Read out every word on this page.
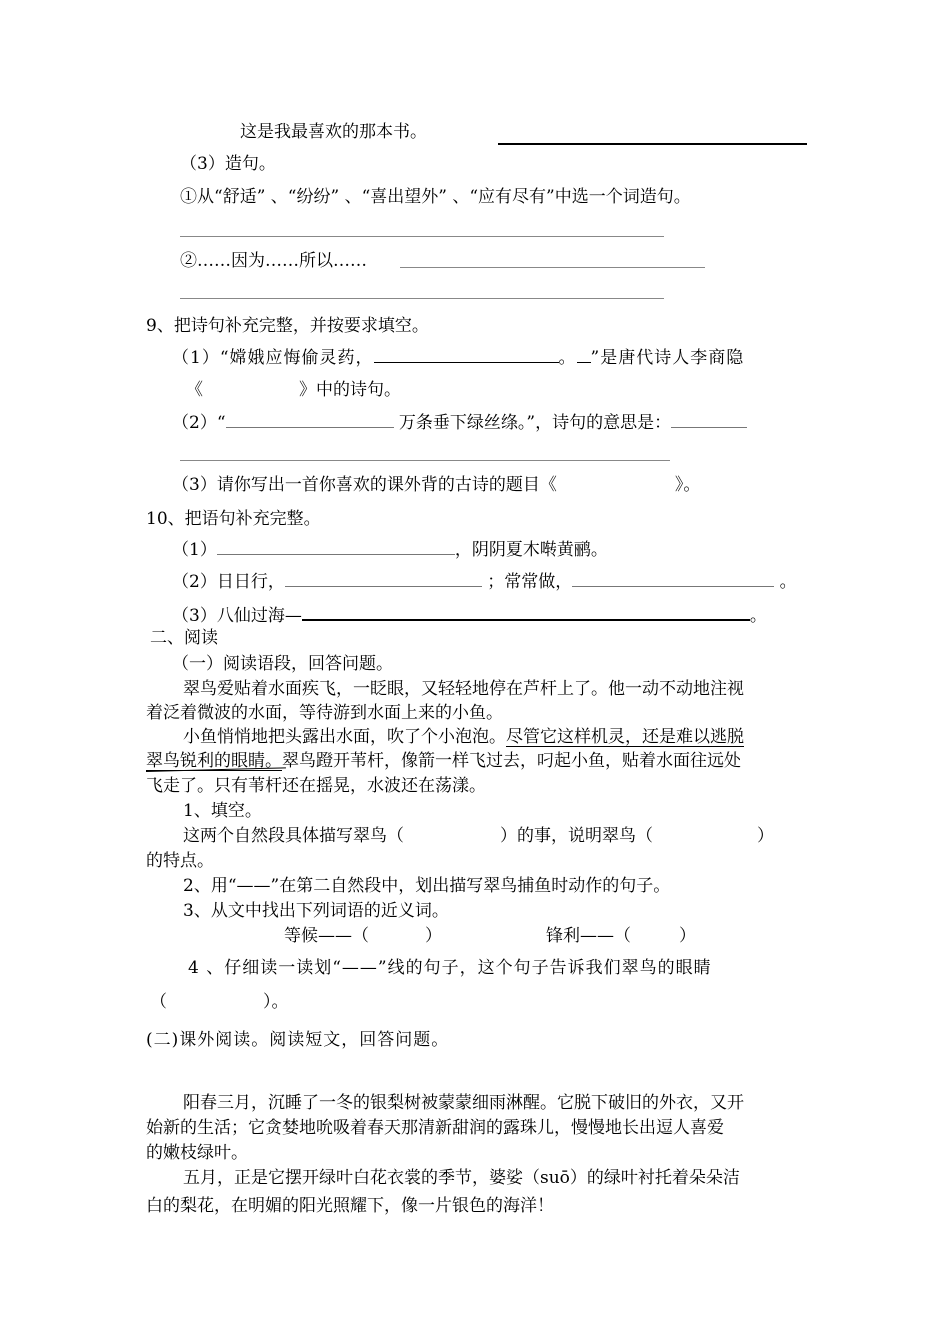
这是我最喜欢的那本书。
（3）造句。
①从“舒适” 、“纷纷” 、“喜出望外” 、“应有尽有”中选一个词造句。
②……因为……所以……
9、把诗句补充完整，并按要求填空。
（1）“嫦娥应悔偷灵药，	。 ”是唐代诗人李商隐
《	》中的诗句。
（2）“	万条垂下绿丝绦。”，诗句的意思是：
（3）请你写出一首你喜欢的课外背的古诗的题目《	》。
10、把语句补充完整。
（1）	，阴阴夏木啭黄鹂。
（2）日日行，	；常常做，	。
（3）八仙过海—	。
二、阅读
（一）阅读语段，回答问题。
翠鸟爱贴着水面疾飞，一眨眼，又轻轻地停在芦杆上了。他一动不动地注视
着泛着微波的水面，等待游到水面上来的小鱼。
小鱼悄悄地把头露出水面，吹了个小泡泡。尽管它这样机灵，还是难以逃脱
翠鸟锐利的眼睛。翠鸟蹬开苇杆，像箭一样飞过去，叼起小鱼，贴着水面往远处
飞走了。只有苇杆还在摇晃，水波还在荡漾。
1、填空。
这两个自然段具体描写翠鸟（	）的事，说明翠鸟（	）
的特点。
2、用“——”在第二自然段中，划出描写翠鸟捕鱼时动作的句子。
3、从文中找出下列词语的近义词。
等候——（	）	锋利——（	）
4 、仔细读一读划“——”线的句子，这个句子告诉我们翠鸟的眼睛
（	）。
(二)课外阅读。阅读短文，回答问题。
阳春三月，沉睡了一冬的银梨树被蒙蒙细雨淋醒。它脱下破旧的外衣，又开
始新的生活；它贪婪地吮吸着春天那清新甜润的露珠儿，慢慢地长出逗人喜爱
的嫩枝绿叶。
五月，正是它摆开绿叶白花衣裳的季节，婆娑（suō）的绿叶衬托着朵朵洁
白的梨花，在明媚的阳光照耀下，像一片银色的海洋！
